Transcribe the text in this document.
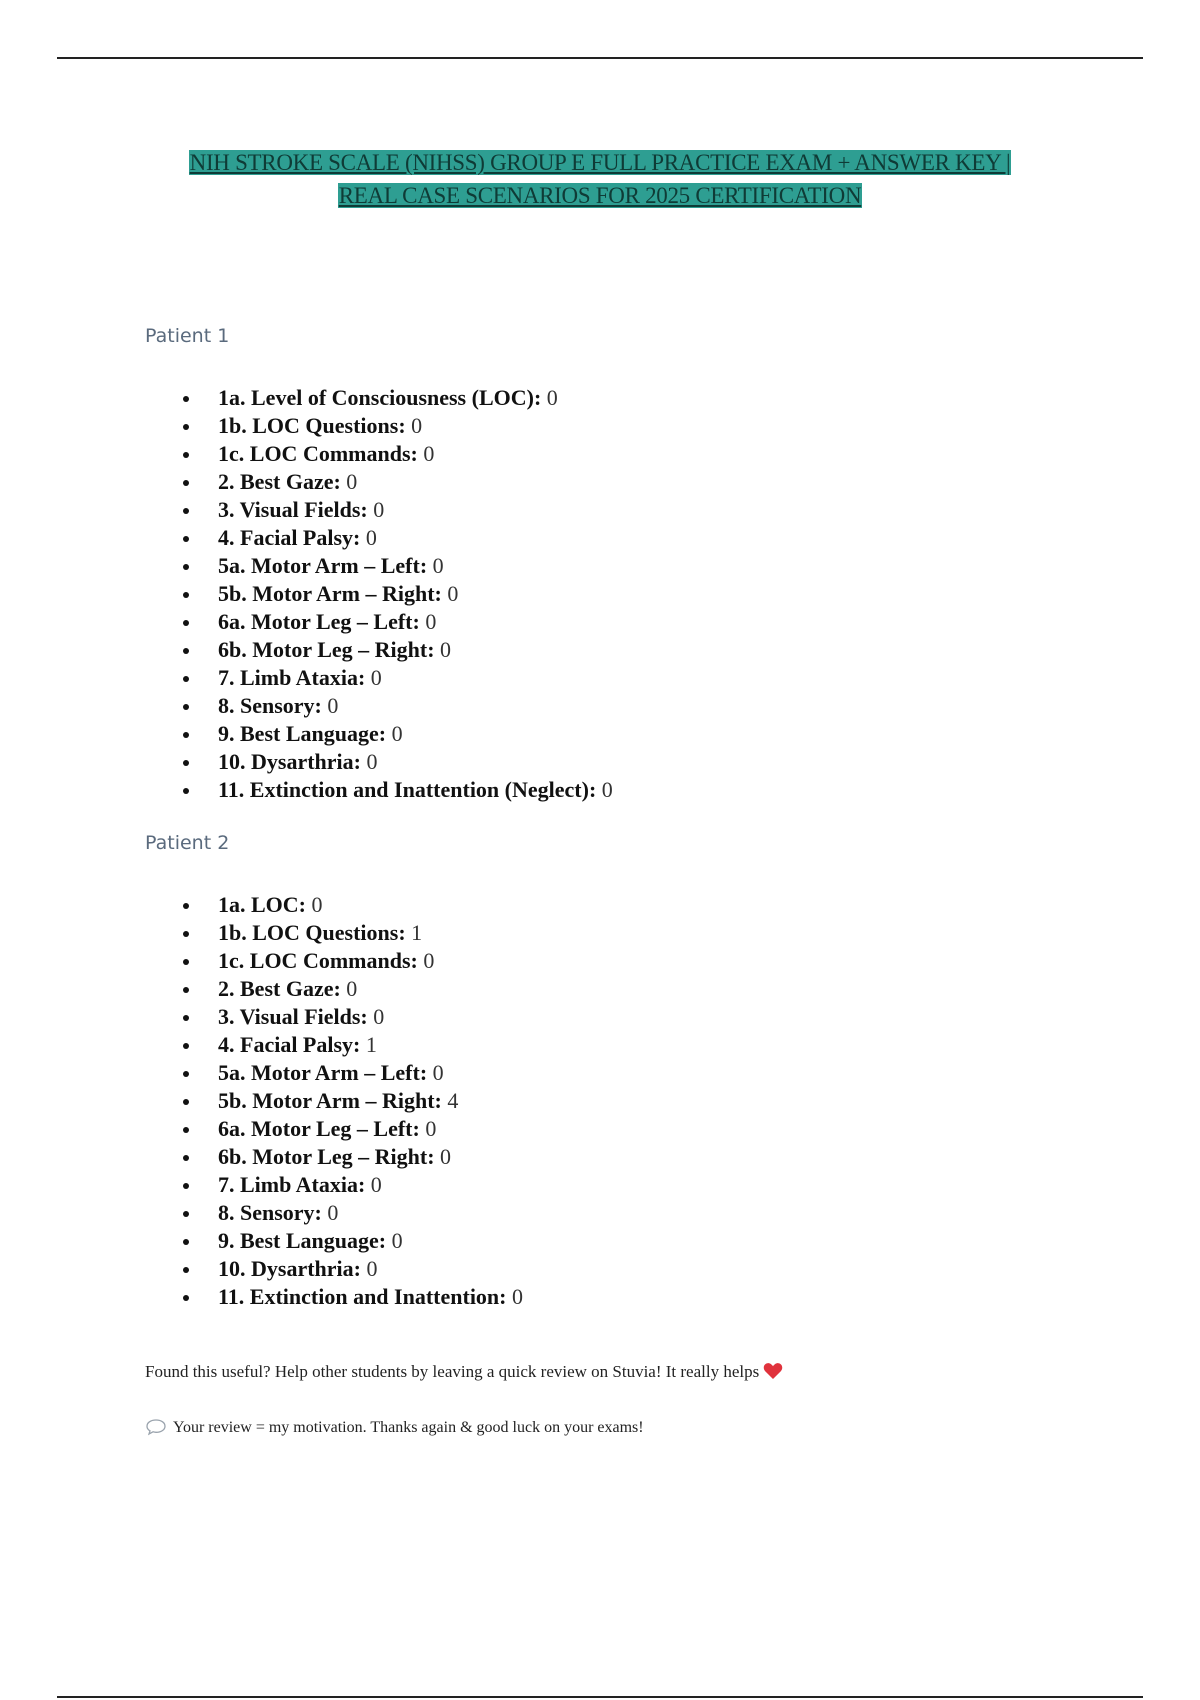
NIH STROKE SCALE (NIHSS) GROUP E FULL PRACTICE EXAM + ANSWER KEY |
REAL CASE SCENARIOS FOR 2025 CERTIFICATION
Patient 1
1a. Level of Consciousness (LOC): 0
1b. LOC Questions: 0
1c. LOC Commands: 0
2. Best Gaze: 0
3. Visual Fields: 0
4. Facial Palsy: 0
5a. Motor Arm – Left: 0
5b. Motor Arm – Right: 0
6a. Motor Leg – Left: 0
6b. Motor Leg – Right: 0
7. Limb Ataxia: 0
8. Sensory: 0
9. Best Language: 0
10. Dysarthria: 0
11. Extinction and Inattention (Neglect): 0
Patient 2
1a. LOC: 0
1b. LOC Questions: 1
1c. LOC Commands: 0
2. Best Gaze: 0
3. Visual Fields: 0
4. Facial Palsy: 1
5a. Motor Arm – Left: 0
5b. Motor Arm – Right: 4
6a. Motor Leg – Left: 0
6b. Motor Leg – Right: 0
7. Limb Ataxia: 0
8. Sensory: 0
9. Best Language: 0
10. Dysarthria: 0
11. Extinction and Inattention: 0

Found this useful? Help other students by leaving a quick review on Stuvia! It really helps

Your review = my motivation. Thanks again & good luck on your exams!
